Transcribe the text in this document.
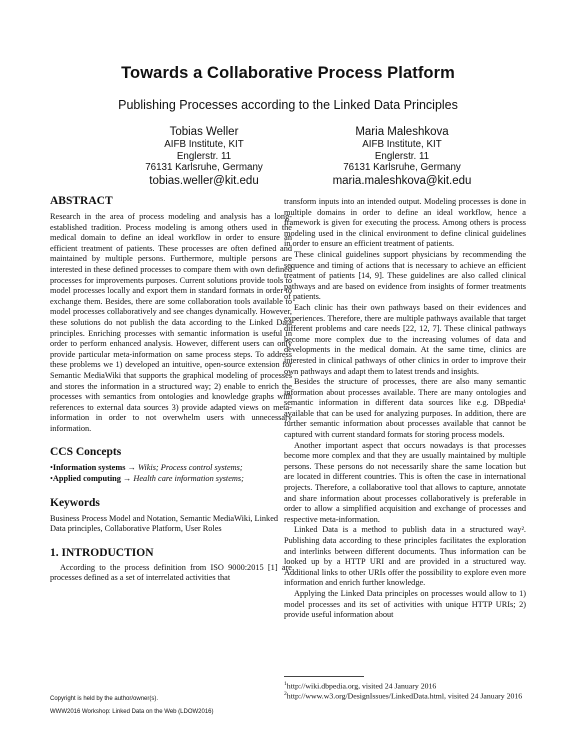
Towards a Collaborative Process Platform
Publishing Processes according to the Linked Data Principles
Tobias Weller
AIFB Institute, KIT
Englerstr. 11
76131 Karlsruhe, Germany
tobias.weller@kit.edu
Maria Maleshkova
AIFB Institute, KIT
Englerstr. 11
76131 Karlsruhe, Germany
maria.maleshkova@kit.edu
ABSTRACT

Research in the area of process modeling and analysis has a long-established tradition. Process modeling is among others used in the medical domain to define an ideal workflow in order to ensure an efficient treatment of patients. These processes are often defined and maintained by multiple persons. Furthermore, multiple persons are interested in these defined processes to compare them with own defined processes for improvements purposes. Current solutions provide tools to model processes locally and export them in standard formats in order to exchange them. Besides, there are some collaboration tools available to model processes collaboratively and see changes dynamically. However, these solutions do not publish the data according to the Linked Data principles. Enriching processes with semantic information is useful in order to perform enhanced analysis. However, different users can only provide particular meta-information on same process steps. To address these problems we 1) developed an intuitive, open-source extension for Semantic MediaWiki that supports the graphical modeling of processes and stores the information in a structured way; 2) enable to enrich the processes with semantics from ontologies and knowledge graphs with references to external data sources 3) provide adapted views on meta-information in order to not overwhelm users with unnecessary information.

CCS Concepts
•Information systems → Wikis; Process control systems;
•Applied computing → Health care information systems;
Keywords

Business Process Model and Notation, Semantic MediaWiki, Linked Data principles, Collaborative Platform, User Roles

1. INTRODUCTION

According to the process definition from ISO 9000:2015 [1] are processes defined as a set of interrelated activities that

Copyright is held by the author/owner(s).
WWW2016 Workshop: Linked Data on the Web (LDOW2016)

transform inputs into an intended output. Modeling processes is done in multiple domains in order to define an ideal workflow, hence a framework is given for executing the process. Among others is process modeling used in the clinical environment to define clinical guidelines in order to ensure an efficient treatment of patients.

These clinical guidelines support physicians by recommending the sequence and timing of actions that is necessary to achieve an efficient treatment of patients [14, 9]. These guidelines are also called clinical pathways and are based on evidence from insights of former treatments of patients.

Each clinic has their own pathways based on their evidences and experiences. Therefore, there are multiple pathways available that target different problems and care needs [22, 12, 7]. These clinical pathways become more complex due to the increasing volumes of data and developments in the medical domain. At the same time, clinics are interested in clinical pathways of other clinics in order to improve their own pathways and adapt them to latest trends and insights.

Besides the structure of processes, there are also many semantic information about processes available. There are many ontologies and semantic information in different data sources like e.g. DBpedia¹ available that can be used for analyzing purposes. In addition, there are further semantic information about processes available that cannot be captured with current standard formats for storing process models.

Another important aspect that occurs nowadays is that processes become more complex and that they are usually maintained by multiple persons. These persons do not necessarily share the same location but are located in different countries. This is often the case in international projects. Therefore, a collaborative tool that allows to capture, annotate and share information about processes collaboratively is preferable in order to allow a simplified acquisition and exchange of processes and respective meta-information.

Linked Data is a method to publish data in a structured way². Publishing data according to these principles facilitates the exploration and interlinks between different documents. Thus information can be looked up by a HTTP URI and are provided in a structured way. Additional links to other URIs offer the possibility to explore even more information and enrich further knowledge.

Applying the Linked Data principles on processes would allow to 1) model processes and its set of activities with unique HTTP URIs; 2) provide useful information about

$^1$http://wiki.dbpedia.org, visited 24 January 2016
$^2$http://www.w3.org/DesignIssues/LinkedData.html, visited 24 January 2016
